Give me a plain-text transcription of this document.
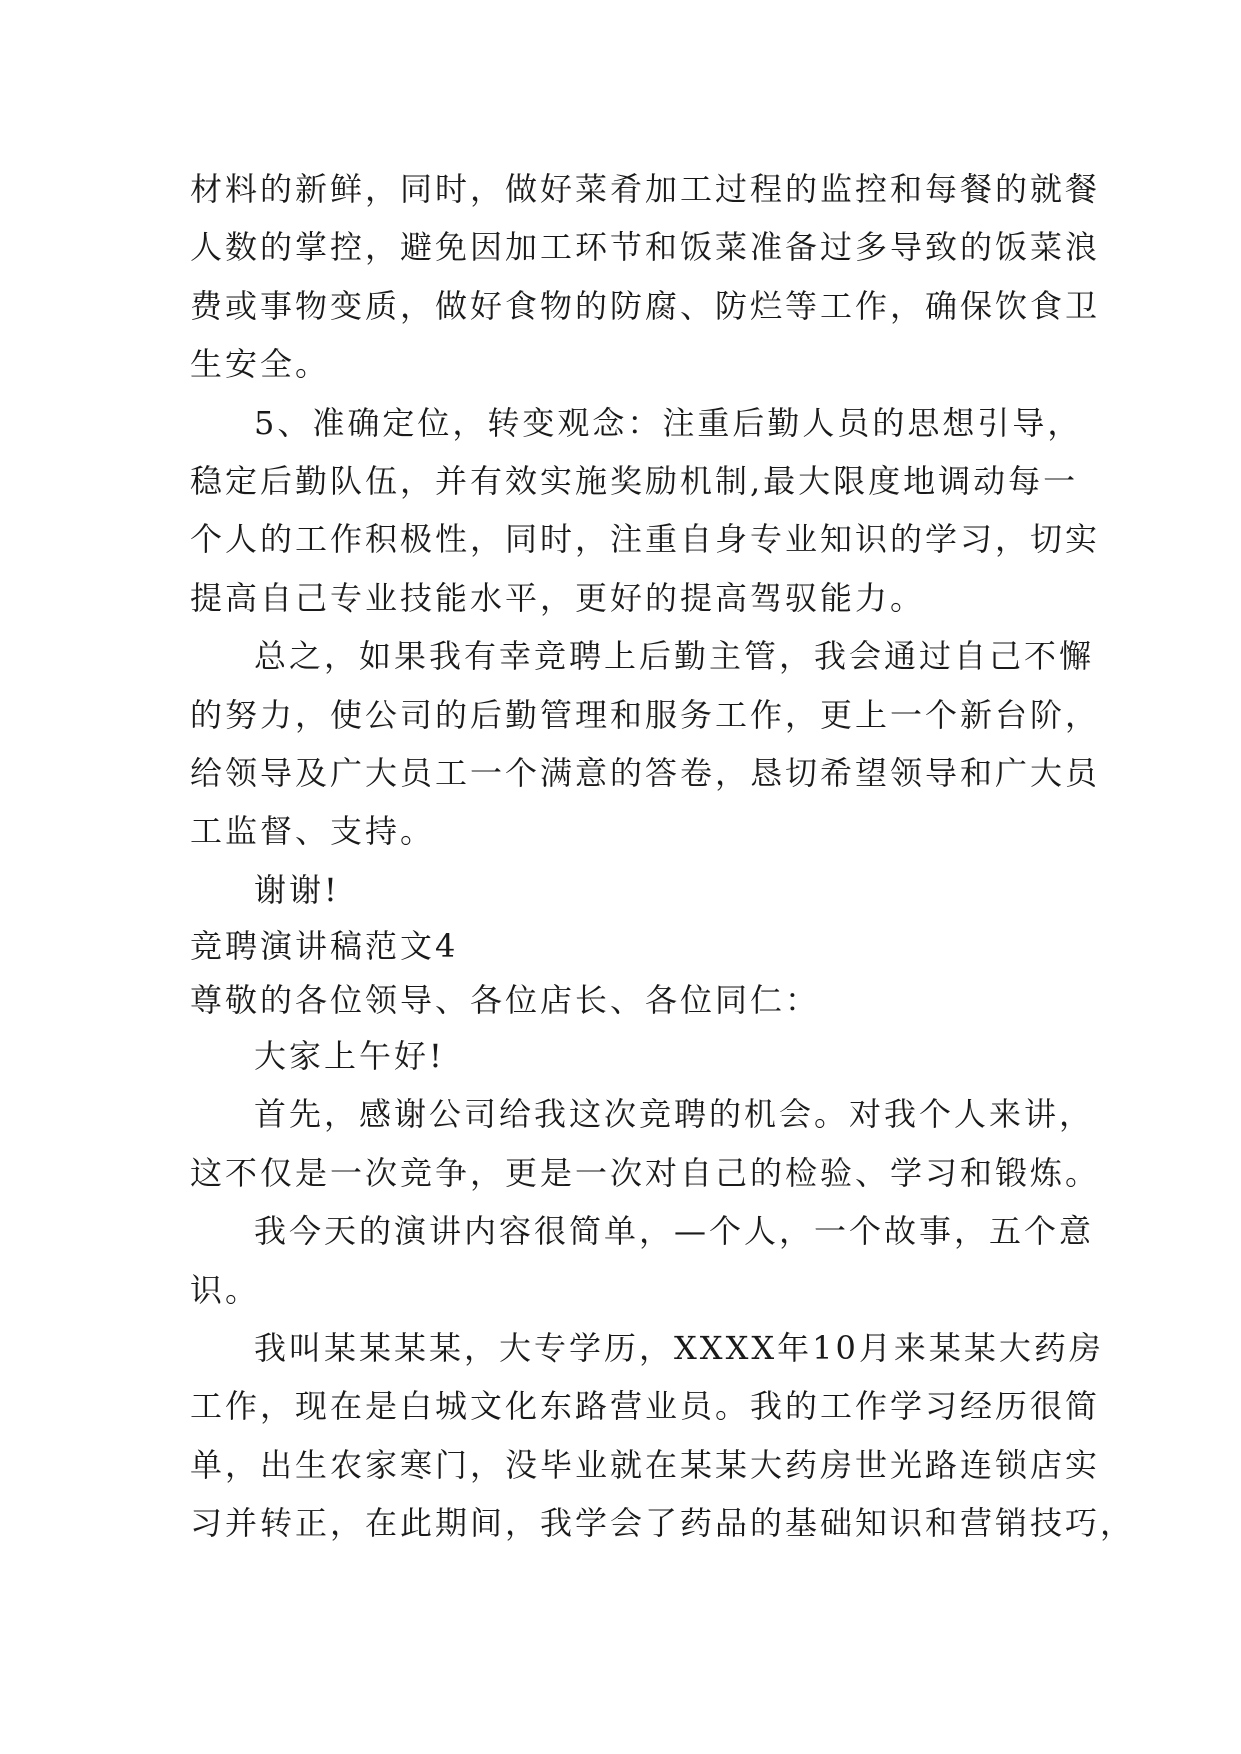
材料的新鲜，同时，做好菜肴加工过程的监控和每餐的就餐
人数的掌控，避免因加工环节和饭菜准备过多导致的饭菜浪
费或事物变质，做好食物的防腐、防烂等工作，确保饮食卫
生安全。
5、准确定位，转变观念：注重后勤人员的思想引导，
稳定后勤队伍，并有效实施奖励机制,最大限度地调动每一
个人的工作积极性，同时，注重自身专业知识的学习，切实
提高自己专业技能水平，更好的提高驾驭能力。
总之，如果我有幸竞聘上后勤主管，我会通过自己不懈
的努力，使公司的后勤管理和服务工作，更上一个新台阶，
给领导及广大员工一个满意的答卷，恳切希望领导和广大员
工监督、支持。
谢谢!
竞聘演讲稿范文4
尊敬的各位领导、各位店长、各位同仁：
大家上午好!
首先，感谢公司给我这次竞聘的机会。对我个人来讲，
这不仅是一次竞争，更是一次对自己的检验、学习和锻炼。
我今天的演讲内容很简单，—个人，一个故事，五个意
识。
我叫某某某某，大专学历，XXXX年10月来某某大药房
工作，现在是白城文化东路营业员。我的工作学习经历很简
单，出生农家寒门，没毕业就在某某大药房世光路连锁店实
习并转正，在此期间，我学会了药品的基础知识和营销技巧，
